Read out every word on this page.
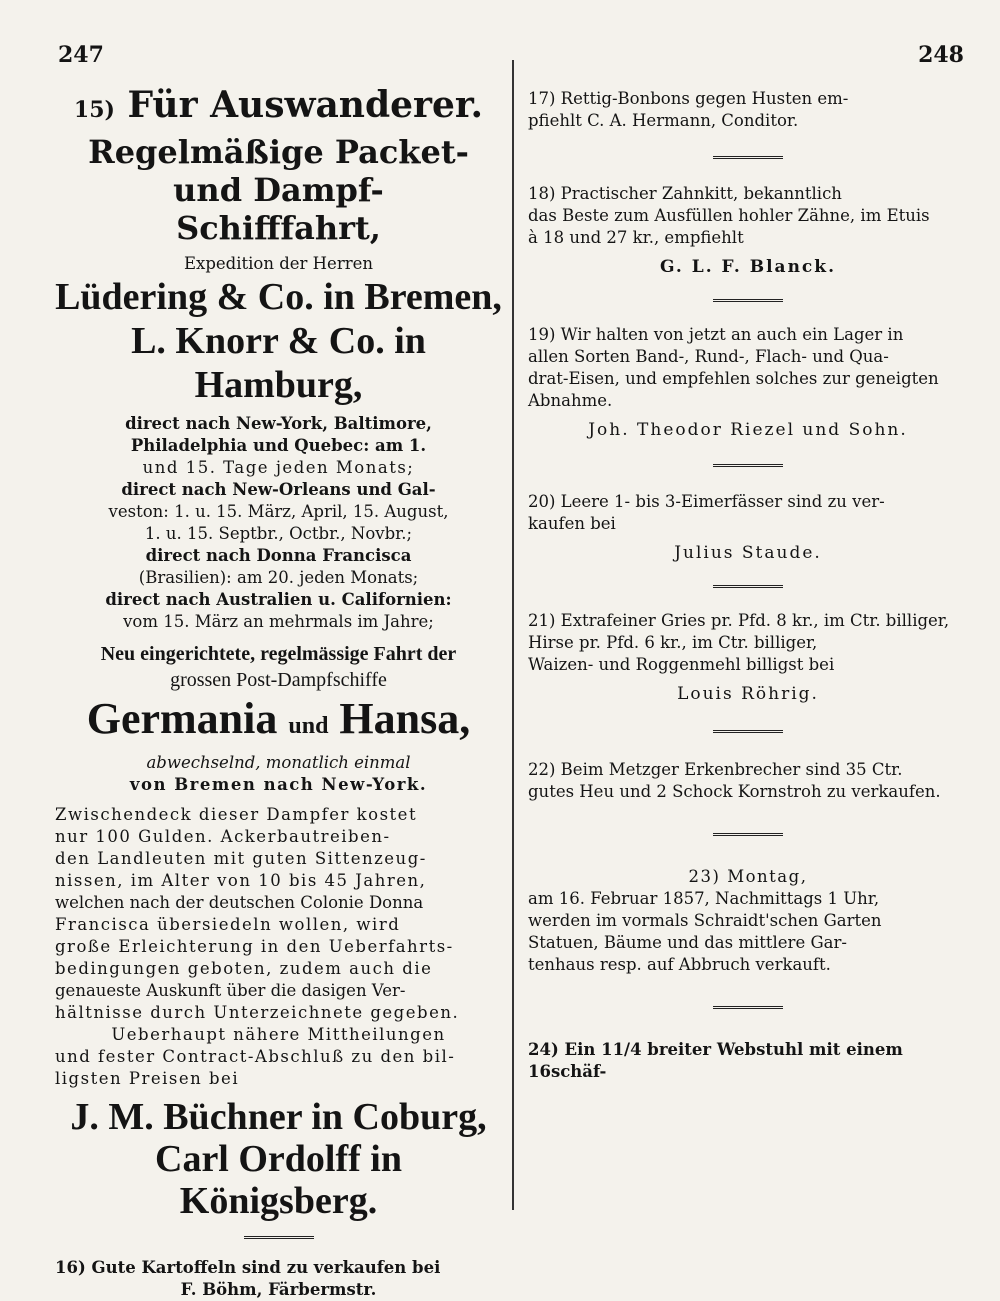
247	248
15) Für Auswanderer.
Regelmäßige Packet- und Dampf-
Schifffahrt,
Expedition der Herren
Lüdering & Co. in Bremen,
L. Knorr & Co. in Hamburg,
direct nach New-York, Baltimore,
Philadelphia und Quebec: am 1.
und 15. Tage jeden Monats;
direct nach New-Orleans und Gal-
veston: 1. u. 15. März, April, 15. August,
1. u. 15. Septbr., Octbr., Novbr.;
direct nach Donna Francisca
(Brasilien): am 20. jeden Monats;
direct nach Australien u. Californien:
vom 15. März an mehrmals im Jahre;
Neu eingerichtete, regelmässige Fahrt der
grossen Post-Dampfschiffe
Germania und Hansa,
abwechselnd, monatlich einmal
von Bremen nach New-York.
Zwischendeck dieser Dampfer kostet
nur 100 Gulden. Ackerbautreiben-
den Landleuten mit guten Sittenzeug-
nissen, im Alter von 10 bis 45 Jahren,
welchen nach der deutschen Colonie Donna
Francisca übersiedeln wollen, wird
große Erleichterung in den Ueberfahrts-
bedingungen geboten, zudem auch die
genaueste Auskunft über die dasigen Ver-
hältnisse durch Unterzeichnete gegeben.
Ueberhaupt nähere Mittheilungen
und fester Contract-Abschluß zu den bil-
ligsten Preisen bei
J. M. Büchner in Coburg,
Carl Ordolff in Königsberg.
16) Gute Kartoffeln sind zu verkaufen bei
F. Böhm, Färbermstr.
17) Rettig-Bonbons gegen Husten em-
pfiehlt C. A. Hermann, Conditor.
18) Practischer Zahnkitt, bekanntlich
das Beste zum Ausfüllen hohler Zähne, im Etuis
à 18 und 27 kr., empfiehlt
G. L. F. Blanck.
19) Wir halten von jetzt an auch ein Lager in
allen Sorten Band-, Rund-, Flach- und Qua-
drat-Eisen, und empfehlen solches zur geneigten
Abnahme.
Joh. Theodor Riezel und Sohn.
20) Leere 1- bis 3-Eimerfässer sind zu ver-
kaufen bei
Julius Staude.
21) Extrafeiner Gries pr. Pfd. 8 kr., im Ctr. billiger,
Hirse pr. Pfd. 6 kr., im Ctr. billiger,
Waizen- und Roggenmehl billigst bei
Louis Röhrig.
22) Beim Metzger Erkenbrecher sind 35 Ctr.
gutes Heu und 2 Schock Kornstroh zu verkaufen.
23) Montag,
am 16. Februar 1857, Nachmittags 1 Uhr,
werden im vormals Schraidt'schen Garten
Statuen, Bäume und das mittlere Gar-
tenhaus resp. auf Abbruch verkauft.
24) Ein 11/4 breiter Webstuhl mit einem 16schäf-
